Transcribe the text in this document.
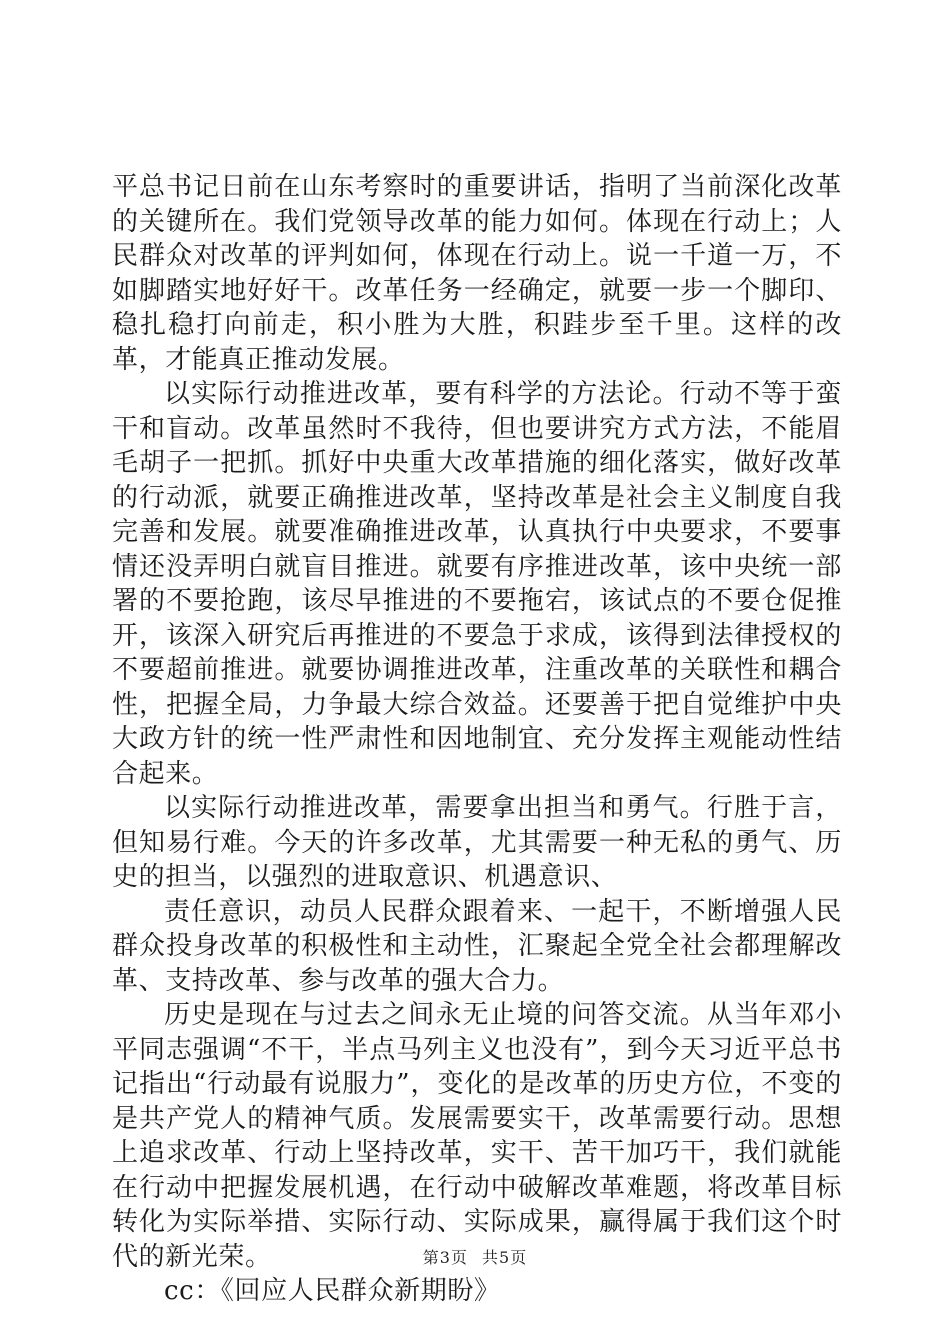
平总书记日前在山东考察时的重要讲话，指明了当前深化改革的关键所在。我们党领导改革的能力如何。体现在行动上；人民群众对改革的评判如何，体现在行动上。说一千道一万，不如脚踏实地好好干。改革任务一经确定，就要一步一个脚印、稳扎稳打向前走，积小胜为大胜，积跬步至千里。这样的改革，才能真正推动发展。

以实际行动推进改革，要有科学的方法论。行动不等于蛮干和盲动。改革虽然时不我待，但也要讲究方式方法，不能眉毛胡子一把抓。抓好中央重大改革措施的细化落实，做好改革的行动派，就要正确推进改革，坚持改革是社会主义制度自我完善和发展。就要准确推进改革，认真执行中央要求，不要事情还没弄明白就盲目推进。就要有序推进改革，该中央统一部署的不要抢跑，该尽早推进的不要拖宕，该试点的不要仓促推开，该深入研究后再推进的不要急于求成，该得到法律授权的不要超前推进。就要协调推进改革，注重改革的关联性和耦合性，把握全局，力争最大综合效益。还要善于把自觉维护中央大政方针的统一性严肃性和因地制宜、充分发挥主观能动性结合起来。

以实际行动推进改革，需要拿出担当和勇气。行胜于言，但知易行难。今天的许多改革，尤其需要一种无私的勇气、历史的担当，以强烈的进取意识、机遇意识、

责任意识，动员人民群众跟着来、一起干，不断增强人民群众投身改革的积极性和主动性，汇聚起全党全社会都理解改革、支持改革、参与改革的强大合力。

历史是现在与过去之间永无止境的问答交流。从当年邓小平同志强调“不干，半点马列主义也没有”，到今天习近平总书记指出“行动最有说服力”，变化的是改革的历史方位，不变的是共产党人的精神气质。发展需要实干，改革需要行动。思想上追求改革、行动上坚持改革，实干、苦干加巧干，我们就能在行动中把握发展机遇，在行动中破解改革难题，将改革目标转化为实际举措、实际行动、实际成果，赢得属于我们这个时代的新光荣。

cc：《回应人民群众新期盼》

第3页 共5页
